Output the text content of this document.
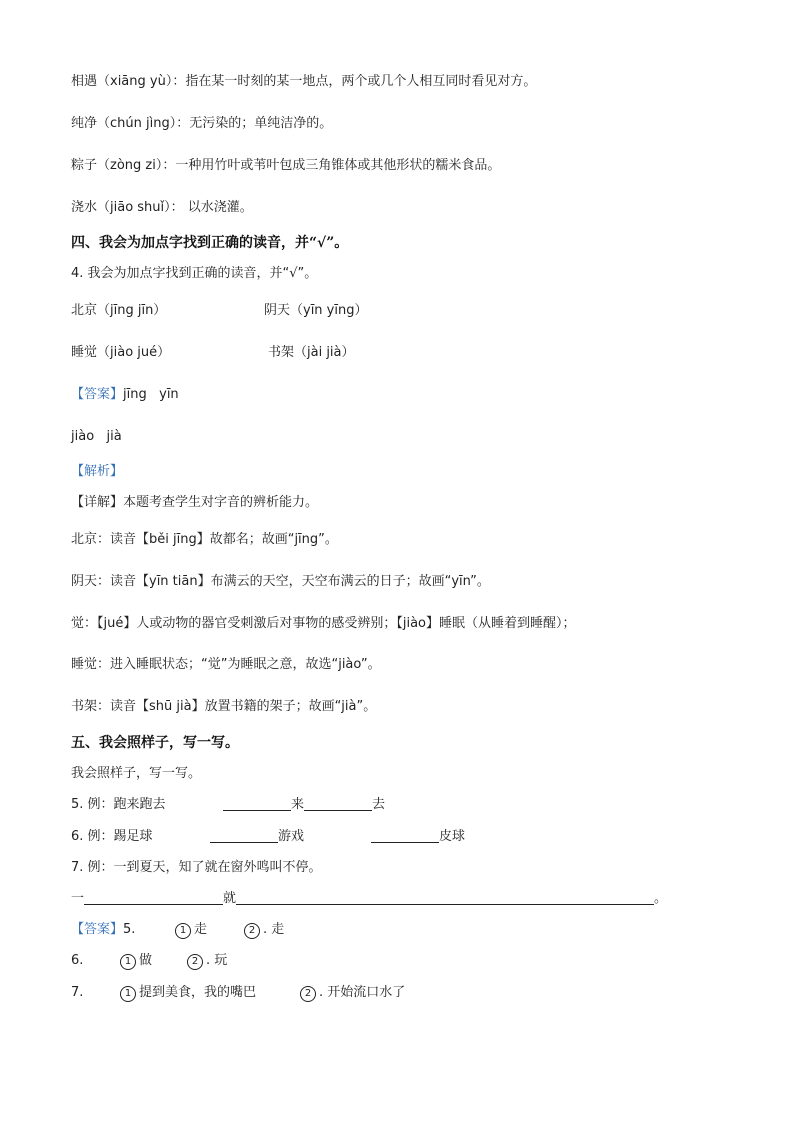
相遇（xiāng yù）：指在某一时刻的某一地点，两个或几个人相互同时看见对方。
纯净（chún jìng）：无污染的；单纯洁净的。
粽子（zòng zi）：一种用竹叶或苇叶包成三角锥体或其他形状的糯米食品。
浇水（jiāo shuǐ）： 以水浇灌。
四、我会为加点字找到正确的读音，并“√”。
4. 我会为加点字找到正确的读音，并“√”。
北京（jīng jīn）	阴天（yīn yīng）
睡觉（jiào jué）	书架（jài jià）
【答案】jīng   yīn
jiào   jià
【解析】
【详解】本题考查学生对字音的辨析能力。
北京：读音【běi jīng】故都名；故画“jīng”。
阴天：读音【yīn tiān】布满云的天空，天空布满云的日子；故画“yīn”。
觉：【jué】人或动物的器官受刺激后对事物的感受辨别；【jiào】睡眠（从睡着到睡醒）；
睡觉：进入睡眠状态；“觉”为睡眠之意，故选“jiào”。
书架：读音【shū jià】放置书籍的架子；故画“jià”。
五、我会照样子，写一写。
我会照样子，写一写。
5. 例：跑来跑去	来	去
6. 例：踢足球	游戏	皮球
7. 例：一到夏天，知了就在窗外鸣叫不停。
一	就	。
【答案】5.	1 走	2 . 走
6.	1 做	2 . 玩
7.	1 提到美食，我的嘴巴	2 . 开始流口水了
